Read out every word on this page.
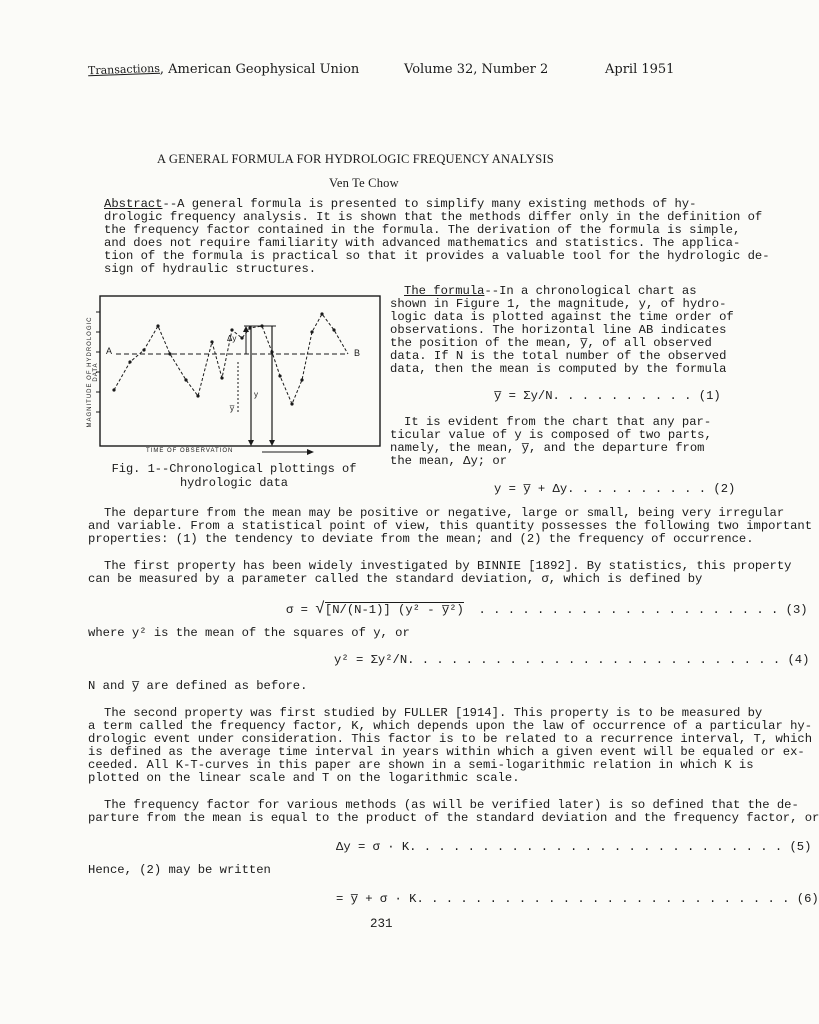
Transactions, American Geophysical Union	Volume 32, Number 2	April 1951
A GENERAL FORMULA FOR HYDROLOGIC FREQUENCY ANALYSIS
Ven Te Chow
Abstract--A general formula is presented to simplify many existing methods of hy-
drologic frequency analysis. It is shown that the methods differ only in the definition of
the frequency factor contained in the formula. The derivation of the formula is simple,
and does not require familiarity with advanced mathematics and statistics. The applica-
tion of the formula is practical so that it provides a valuable tool for the hydrologic de-
sign of hydraulic structures.
MAGNITUDE OF HYDROLOGIC DATA
TIME OF OBSERVATION
A	B
Δy
y
y̅
Fig. 1--Chronological plottings of
hydrologic data
The formula--In a chronological chart as
shown in Figure 1, the magnitude, y, of hydro-
logic data is plotted against the time order of
observations. The horizontal line AB indicates
the position of the mean, y̅, of all observed
data. If N is the total number of the observed
data, then the mean is computed by the formula
y̅ = Σy/N. . . . . . . . . . (1)
It is evident from the chart that any par-
ticular value of y is composed of two parts,
namely, the mean, y̅, and the departure from
the mean, Δy; or
y = y̅ + Δy. . . . . . . . . . (2)
The departure from the mean may be positive or negative, large or small, being very irregular
and variable. From a statistical point of view, this quantity possesses the following two important
properties: (1) the tendency to deviate from the mean; and (2) the frequency of occurrence.
The first property has been widely investigated by BINNIE [1892]. By statistics, this property
can be measured by a parameter called the standard deviation, σ, which is defined by
σ = √[N/(N-1)] (y² - y̅²) . . . . . . . . . . . . . . . . . . . . . (3)
where y² is the mean of the squares of y, or
y² = Σy²/N. . . . . . . . . . . . . . . . . . . . . . . . . . (4)
N and y̅ are defined as before.
The second property was first studied by FULLER [1914]. This property is to be measured by
a term called the frequency factor, K, which depends upon the law of occurrence of a particular hy-
drologic event under consideration. This factor is to be related to a recurrence interval, T, which
is defined as the average time interval in years within which a given event will be equaled or ex-
ceeded. All K-T-curves in this paper are shown in a semi-logarithmic relation in which K is
plotted on the linear scale and T on the logarithmic scale.
The frequency factor for various methods (as will be verified later) is so defined that the de-
parture from the mean is equal to the product of the standard deviation and the frequency factor, or
Δy = σ · K. . . . . . . . . . . . . . . . . . . . . . . . . . (5)
Hence, (2) may be written
= y̅ + σ · K. . . . . . . . . . . . . . . . . . . . . . . . . . (6)
231
